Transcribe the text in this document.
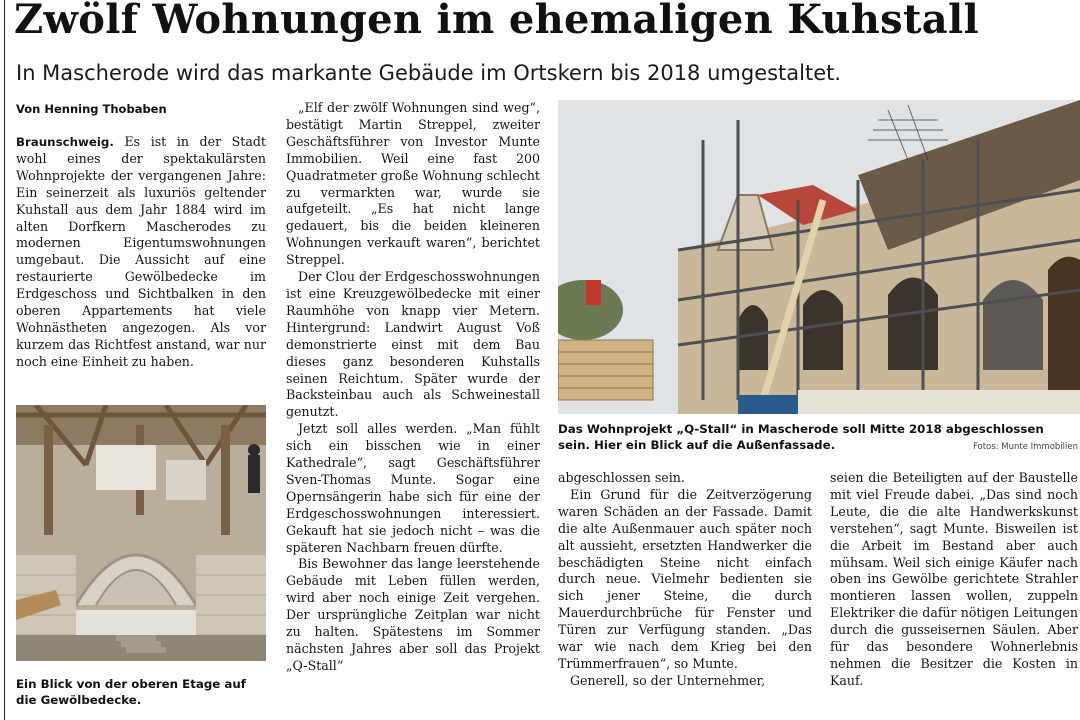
Zwölf Wohnungen im ehemaligen Kuhstall
In Mascherode wird das markante Gebäude im Ortskern bis 2018 umgestaltet.
Von Henning Thobaben

Braunschweig. Es ist in der Stadt wohl eines der spektakulärsten Wohnprojekte der vergangenen Jahre: Ein seinerzeit als luxuriös geltender Kuhstall aus dem Jahr 1884 wird im alten Dorfkern Mascherodes zu modernen Eigentumswohnungen umgebaut. Die Aussicht auf eine restaurierte Gewölbedecke im Erdgeschoss und Sichtbalken in den oberen Appartements hat viele Wohnästheten angezogen. Als vor kurzem das Richtfest anstand, war nur noch eine Einheit zu haben.

Ein Blick von der oberen Etage auf die Gewölbedecke.

„Elf der zwölf Wohnungen sind weg“, bestätigt Martin Streppel, zweiter Geschäftsführer von Investor Munte Immobilien. Weil eine fast 200 Quadratmeter große Wohnung schlecht zu vermarkten war, wurde sie aufgeteilt. „Es hat nicht lange gedauert, bis die beiden kleineren Wohnungen verkauft waren“, berichtet Streppel.

Der Clou der Erdgeschosswohnungen ist eine Kreuzgewölbedecke mit einer Raumhöhe von knapp vier Metern. Hintergrund: Landwirt August Voß demonstrierte einst mit dem Bau dieses ganz besonderen Kuhstalls seinen Reichtum. Später wurde der Backsteinbau auch als Schweinestall genutzt.

Jetzt soll alles werden. „Man fühlt sich ein bisschen wie in einer Kathedrale“, sagt Geschäftsführer Sven-Thomas Munte. Sogar eine Opernsängerin habe sich für eine der Erdgeschosswohnungen interessiert. Gekauft hat sie jedoch nicht – was die späteren Nachbarn freuen dürfte.

Bis Bewohner das lange leerstehende Gebäude mit Leben füllen werden, wird aber noch einige Zeit vergehen. Der ursprüngliche Zeitplan war nicht zu halten. Spätestens im Sommer nächsten Jahres aber soll das Projekt „Q-Stall“

Das Wohnprojekt „Q-Stall“ in Mascherode soll Mitte 2018 abgeschlossen sein. Hier ein Blick auf die Außenfassade.	Fotos: Munte Immobilien

abgeschlossen sein.

Ein Grund für die Zeitverzögerung waren Schäden an der Fassade. Damit die alte Außenmauer auch später noch alt aussieht, ersetzten Handwerker die beschädigten Steine nicht einfach durch neue. Vielmehr bedienten sie sich jener Steine, die durch Mauerdurchbrüche für Fenster und Türen zur Verfügung standen. „Das war wie nach dem Krieg bei den Trümmerfrauen“, so Munte.

Generell, so der Unternehmer,

seien die Beteiligten auf der Baustelle mit viel Freude dabei. „Das sind noch Leute, die die alte Handwerkskunst verstehen“, sagt Munte. Bisweilen ist die Arbeit im Bestand aber auch mühsam. Weil sich einige Käufer nach oben ins Gewölbe gerichtete Strahler montieren lassen wollen, zuppeln Elektriker die dafür nötigen Leitungen durch die gusseisernen Säulen. Aber für das besondere Wohnerlebnis nehmen die Besitzer die Kosten in Kauf.
